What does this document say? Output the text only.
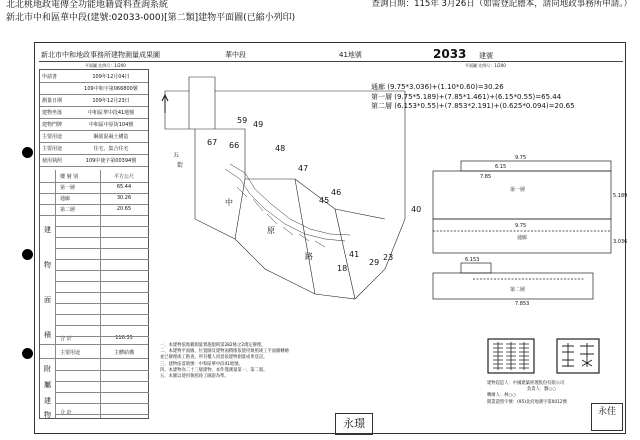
北北桃地政電傳全功能地籍資料查詢系統
新北市中和區華中段(建號:02033-000)[第二類]建物平面圖(已縮小列印)
查詢日期：115年 3月26日（如需登記謄本，請向地政事務所申請。）
新北市中和地政事務所建物測量成果圖	華中段	41地號	2033 建號
平面圖 比例尺：1/200	平面圖 比例尺：1/200
申請書	109年12月04日
109中和字第066800號
測量日期	109年12月23日
建物坐落	中和區華中段41地號
建物門牌	中和區中原街104號
主要用途	鋼筋混凝土構造
主要用途	住宅、集合住宅
使用執照	109中使字第00394號
建
物
面
積
附
屬
建
物
樓 層 別	平方公尺
第一層	65.44
通廊	30.26
第二層	20.65
合 計	116.35
主要用途	主體結構
合 計
59 49
67 66	48
47
46
45
40
41
29
23
18
中
原
路
五
街
通廊 (9.75*3.036)+(1.10*0.60)=30.26
第一層 (9.75*5.189)+(7.85*1.461)+(6.15*0.55)=65.44
第二層 (6.153*0.55)+(7.853*2.191)+(0.625*0.094)=20.65
第一層
通廊
第二層
9.75
6.15
7.85
9.75
7.853
6.153
3.036
5.189
一、本建物依地籍測量實施規則第282條之2規定辦理。
二、本建物平面圖、位置圖及建物面積係依使用執照竣工平面圖轉繪
並已辦理竣工勘查，所有權人同意依建物測量成果登記。
三、建物座落地號：中和區華中段41地號。
四、本建物為二十三層建物，本件僅測量第一、第二層。
五、本圖以使用執照竣工圖說為準。
永璟
永佳
建物起造人：中國建築經理股份有限公司
負責人：劉○○
轉繪人：林○○
開業證照字號：(95)北府地測字第0012號
